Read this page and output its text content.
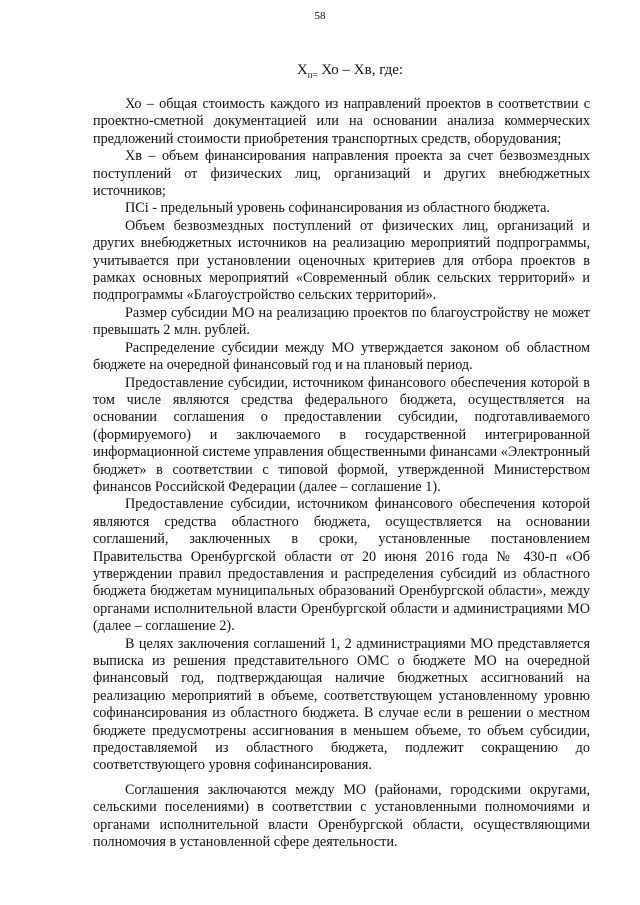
58
$Х_{п=}$ Хо – Хв, где:

Хо – общая стоимость каждого из направлений проектов в соответствии с проектно-сметной документацией или на основании анализа коммерческих предложений стоимости приобретения транспортных средств, оборудования;

Хв – объем финансирования направления проекта за счет безвозмездных поступлений от физических лиц, организаций и других внебюджетных источников;

ПСi - предельный уровень софинансирования из областного бюджета.

Объем безвозмездных поступлений от физических лиц, организаций и других внебюджетных источников на реализацию мероприятий подпрограммы, учитывается при установлении оценочных критериев для отбора проектов в рамках основных мероприятий «Современный облик сельских территорий» и подпрограммы «Благоустройство сельских территорий».

Размер субсидии МО на реализацию проектов по благоустройству не может превышать 2 млн. рублей.

Распределение субсидии между МО утверждается законом об областном бюджете на очередной финансовый год и на плановый период.

Предоставление субсидии, источником финансового обеспечения которой в том числе являются средства федерального бюджета, осуществляется на основании соглашения о предоставлении субсидии, подготавливаемого (формируемого) и заключаемого в государственной интегрированной информационной системе управления общественными финансами «Электронный бюджет» в соответствии с типовой формой, утвержденной Министерством финансов Российской Федерации (далее – соглашение 1).

Предоставление субсидии, источником финансового обеспечения которой являются средства областного бюджета, осуществляется на основании соглашений, заключенных в сроки, установленные постановлением Правительства Оренбургской области от 20 июня 2016 года № 430-п «Об утверждении правил предоставления и распределения субсидий из областного бюджета бюджетам муниципальных образований Оренбургской области», между органами исполнительной власти Оренбургской области и администрациями МО (далее – соглашение 2).

В целях заключения соглашений 1, 2 администрациями МО представляется выписка из решения представительного ОМС о бюджете МО на очередной финансовый год, подтверждающая наличие бюджетных ассигнований на реализацию мероприятий в объеме, соответствующем установленному уровню софинансирования из областного бюджета. В случае если в решении о местном бюджете предусмотрены ассигнования в меньшем объеме, то объем субсидии, предоставляемой из областного бюджета, подлежит сокращению до соответствующего уровня софинансирования.

Соглашения заключаются между МО (районами, городскими округами, сельскими поселениями) в соответствии с установленными полномочиями и органами исполнительной власти Оренбургской области, осуществляющими полномочия в установленной сфере деятельности.
